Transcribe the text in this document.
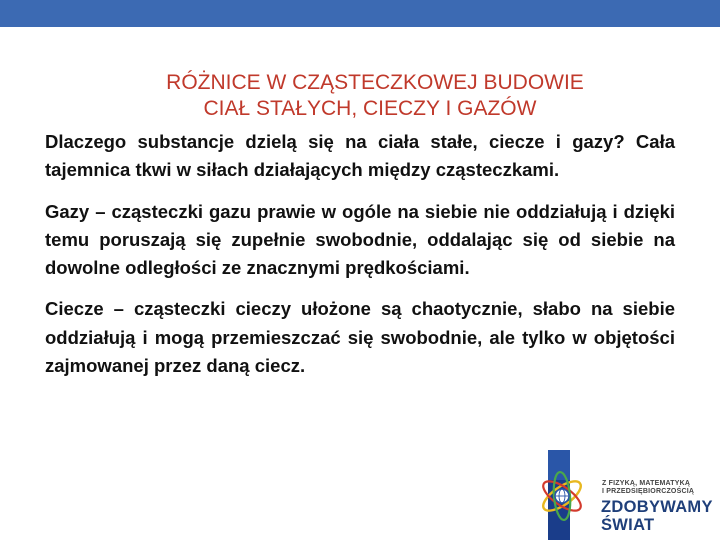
RÓŻNICE W CZĄSTECZKOWEJ BUDOWIE
CIAŁ STAŁYCH, CIECZY I GAZÓW

Dlaczego substancje dzielą się na ciała stałe, ciecze i gazy? Cała tajemnica tkwi w siłach działających między cząsteczkami.

Gazy – cząsteczki gazu prawie w ogóle na siebie nie oddziałują i dzięki temu poruszają się zupełnie swobodnie, oddalając się od siebie na dowolne odległości ze znacznymi prędkościami.

Ciecze – cząsteczki cieczy ułożone są chaotycznie, słabo na siebie oddziałują i mogą przemieszczać się swobodnie, ale tylko w objętości zajmowanej przez daną ciecz.

Z FIZYKĄ, MATEMATYKĄ
I PRZEDSIĘBIORCZOŚCIĄ
ZDOBYWAMY
ŚWIAT
